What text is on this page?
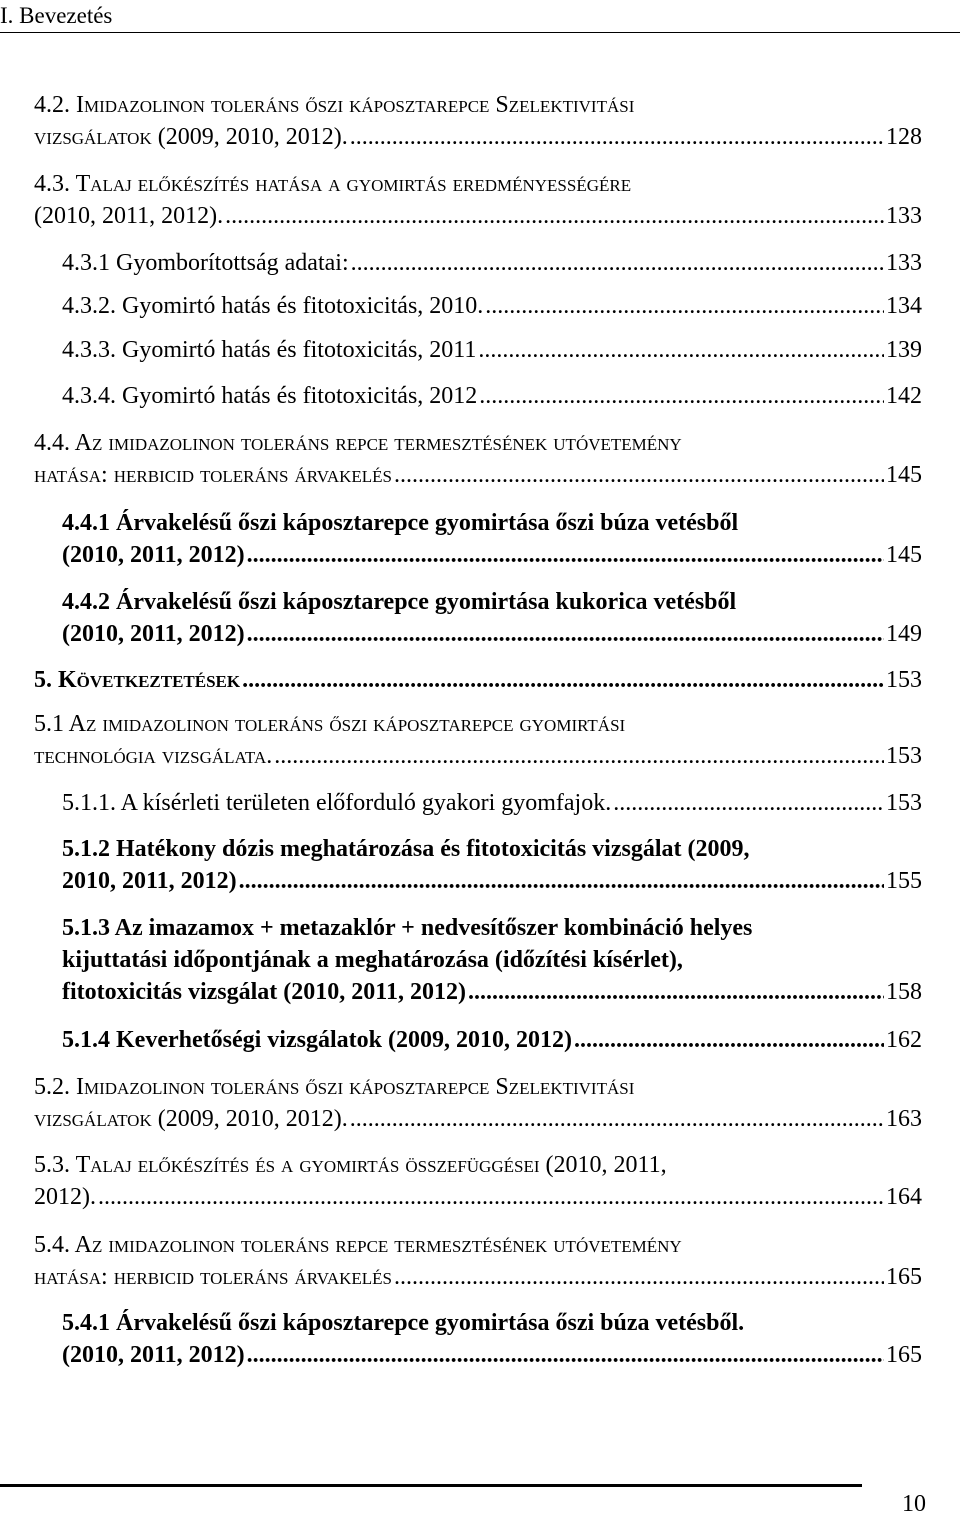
I. Bevezetés
4.2. Imidazolinon toleráns őszi káposztarepce Szelektivitási
vizsgálatok (2009, 2010, 2012). .....	128
4.3. Talaj előkészítés hatása a gyomirtás eredményességére
(2010, 2011, 2012). .....	133
4.3.1 Gyomborítottság adatai: .....	133
4.3.2. Gyomirtó hatás és fitotoxicitás, 2010. .....	134
4.3.3. Gyomirtó hatás és fitotoxicitás, 2011 .....	139
4.3.4. Gyomirtó hatás és fitotoxicitás, 2012 .....	142
4.4. Az imidazolinon toleráns repce termesztésének utóvetemény
hatása: herbicid toleráns árvakelés .....	145
4.4.1 Árvakelésű őszi káposztarepce gyomirtása őszi búza vetésből
(2010, 2011, 2012) .....	145
4.4.2 Árvakelésű őszi káposztarepce gyomirtása kukorica vetésből
(2010, 2011, 2012) .....	149
5. Következtetések .....	153
5.1 Az imidazolinon toleráns őszi káposztarepce gyomirtási
technológia vizsgálata. .....	153
5.1.1. A kísérleti területen előforduló gyakori gyomfajok. .....	153
5.1.2 Hatékony dózis meghatározása és fitotoxicitás vizsgálat (2009,
2010, 2011, 2012) .....	155
5.1.3 Az imazamox + metazaklór + nedvesítőszer kombináció helyes
kijuttatási időpontjának a meghatározása (időzítési kísérlet),
fitotoxicitás vizsgálat (2010, 2011, 2012) .....	158
5.1.4 Keverhetőségi vizsgálatok (2009, 2010, 2012) .....	162
5.2. Imidazolinon toleráns őszi káposztarepce Szelektivitási
vizsgálatok (2009, 2010, 2012). .....	163
5.3. Talaj előkészítés és a gyomirtás összefüggései (2010, 2011,
2012). .....	164
5.4. Az imidazolinon toleráns repce termesztésének utóvetemény
hatása: herbicid toleráns árvakelés .....	165
5.4.1 Árvakelésű őszi káposztarepce gyomirtása őszi búza vetésből.
(2010, 2011, 2012) .....	165
10
